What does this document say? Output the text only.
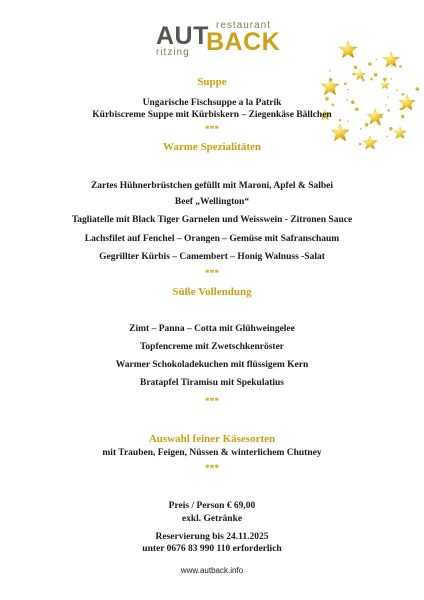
restaurant
AUT
BACK
ritzing
Suppe
Ungarische Fischsuppe a la Patrik
Kürbiscreme Suppe mit Kürbiskern – Ziegenkäse Bällchen
***
Warme Spezialitäten
Zartes Hühnerbrüstchen gefüllt mit Maroni, Apfel & Salbei
Beef „Wellington“
Tagliatelle mit Black Tiger Garnelen und Weisswein - Zitronen Sauce
Lachsfilet auf Fenchel – Orangen – Gemüse mit Safranschaum
Gegrillter Kürbis – Camembert – Honig Walnuss -Salat
***
Süße Vollendung
Zimt – Panna – Cotta mit Glühweingelee
Topfencreme mit Zwetschkenröster
Warmer Schokoladekuchen mit flüssigem Kern
Bratapfel Tiramisu mit Spekulatius
***
Auswahl feiner Käsesorten
mit Trauben, Feigen, Nüssen & winterlichem Chutney
***
Preis / Person € 69,00
exkl. Getränke
Reservierung bis 24.11.2025
unter 0676 83 990 110 erforderlich
www.autback.info
